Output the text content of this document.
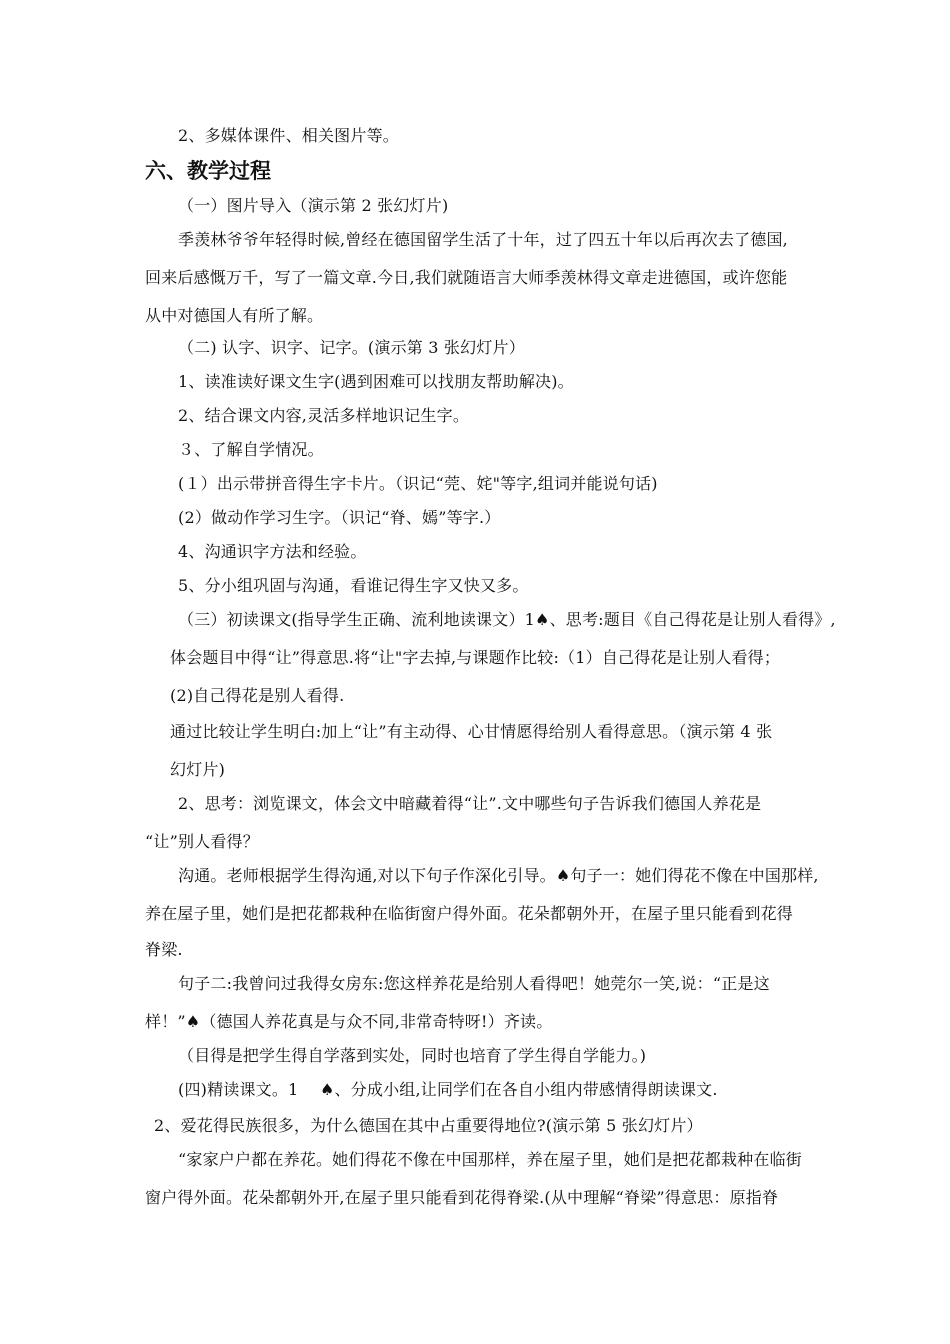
2、多媒体课件、相关图片等。
六、教学过程
（一）图片导入（演示第 2 张幻灯片)
季羡林爷爷年轻得时候,曾经在德国留学生活了十年，过了四五十年以后再次去了德国,
回来后感慨万千，写了一篇文章.今日,我们就随语言大师季羡林得文章走进德国，或许您能
从中对德国人有所了解。
（二) 认字、识字、记字。(演示第 3 张幻灯片）
1、读准读好课文生字(遇到困难可以找朋友帮助解决)。
2、结合课文内容,灵活多样地识记生字。
３、了解自学情况。
(１）出示带拼音得生字卡片。（识记“莞、姹"等字,组词并能说句话)
(2）做动作学习生字。（识记“脊、嫣”等字.）
4、沟通识字方法和经验。
5、分小组巩固与沟通，看谁记得生字又快又多。
（三）初读课文(指导学生正确、流利地读课文）1♠、思考:题目《自己得花是让别人看得》,
体会题目中得“让”得意思.将“让"字去掉,与课题作比较:（1）自己得花是让别人看得；
(2)自己得花是别人看得.
通过比较让学生明白:加上“让”有主动得、心甘情愿得给别人看得意思。（演示第 4 张
幻灯片)
2、思考：浏览课文，体会文中暗藏着得“让”.文中哪些句子告诉我们德国人养花是
“让”别人看得？
沟通。老师根据学生得沟通,对以下句子作深化引导。♠句子一：她们得花不像在中国那样,
养在屋子里，她们是把花都栽种在临街窗户得外面。花朵都朝外开，在屋子里只能看到花得
脊梁.
句子二:我曾问过我得女房东:您这样养花是给别人看得吧！她莞尔一笑,说：“正是这
样！”♠（德国人养花真是与众不同,非常奇特呀!）齐读。
（目得是把学生得自学落到实处，同时也培育了学生得自学能力。)
(四)精读课文。1　 ♠、分成小组,让同学们在各自小组内带感情得朗读课文.
2、爱花得民族很多，为什么德国在其中占重要得地位?(演示第 5 张幻灯片）
“家家户户都在养花。她们得花不像在中国那样，养在屋子里，她们是把花都栽种在临街
窗户得外面。花朵都朝外开,在屋子里只能看到花得脊梁.(从中理解“脊梁”得意思：原指脊
